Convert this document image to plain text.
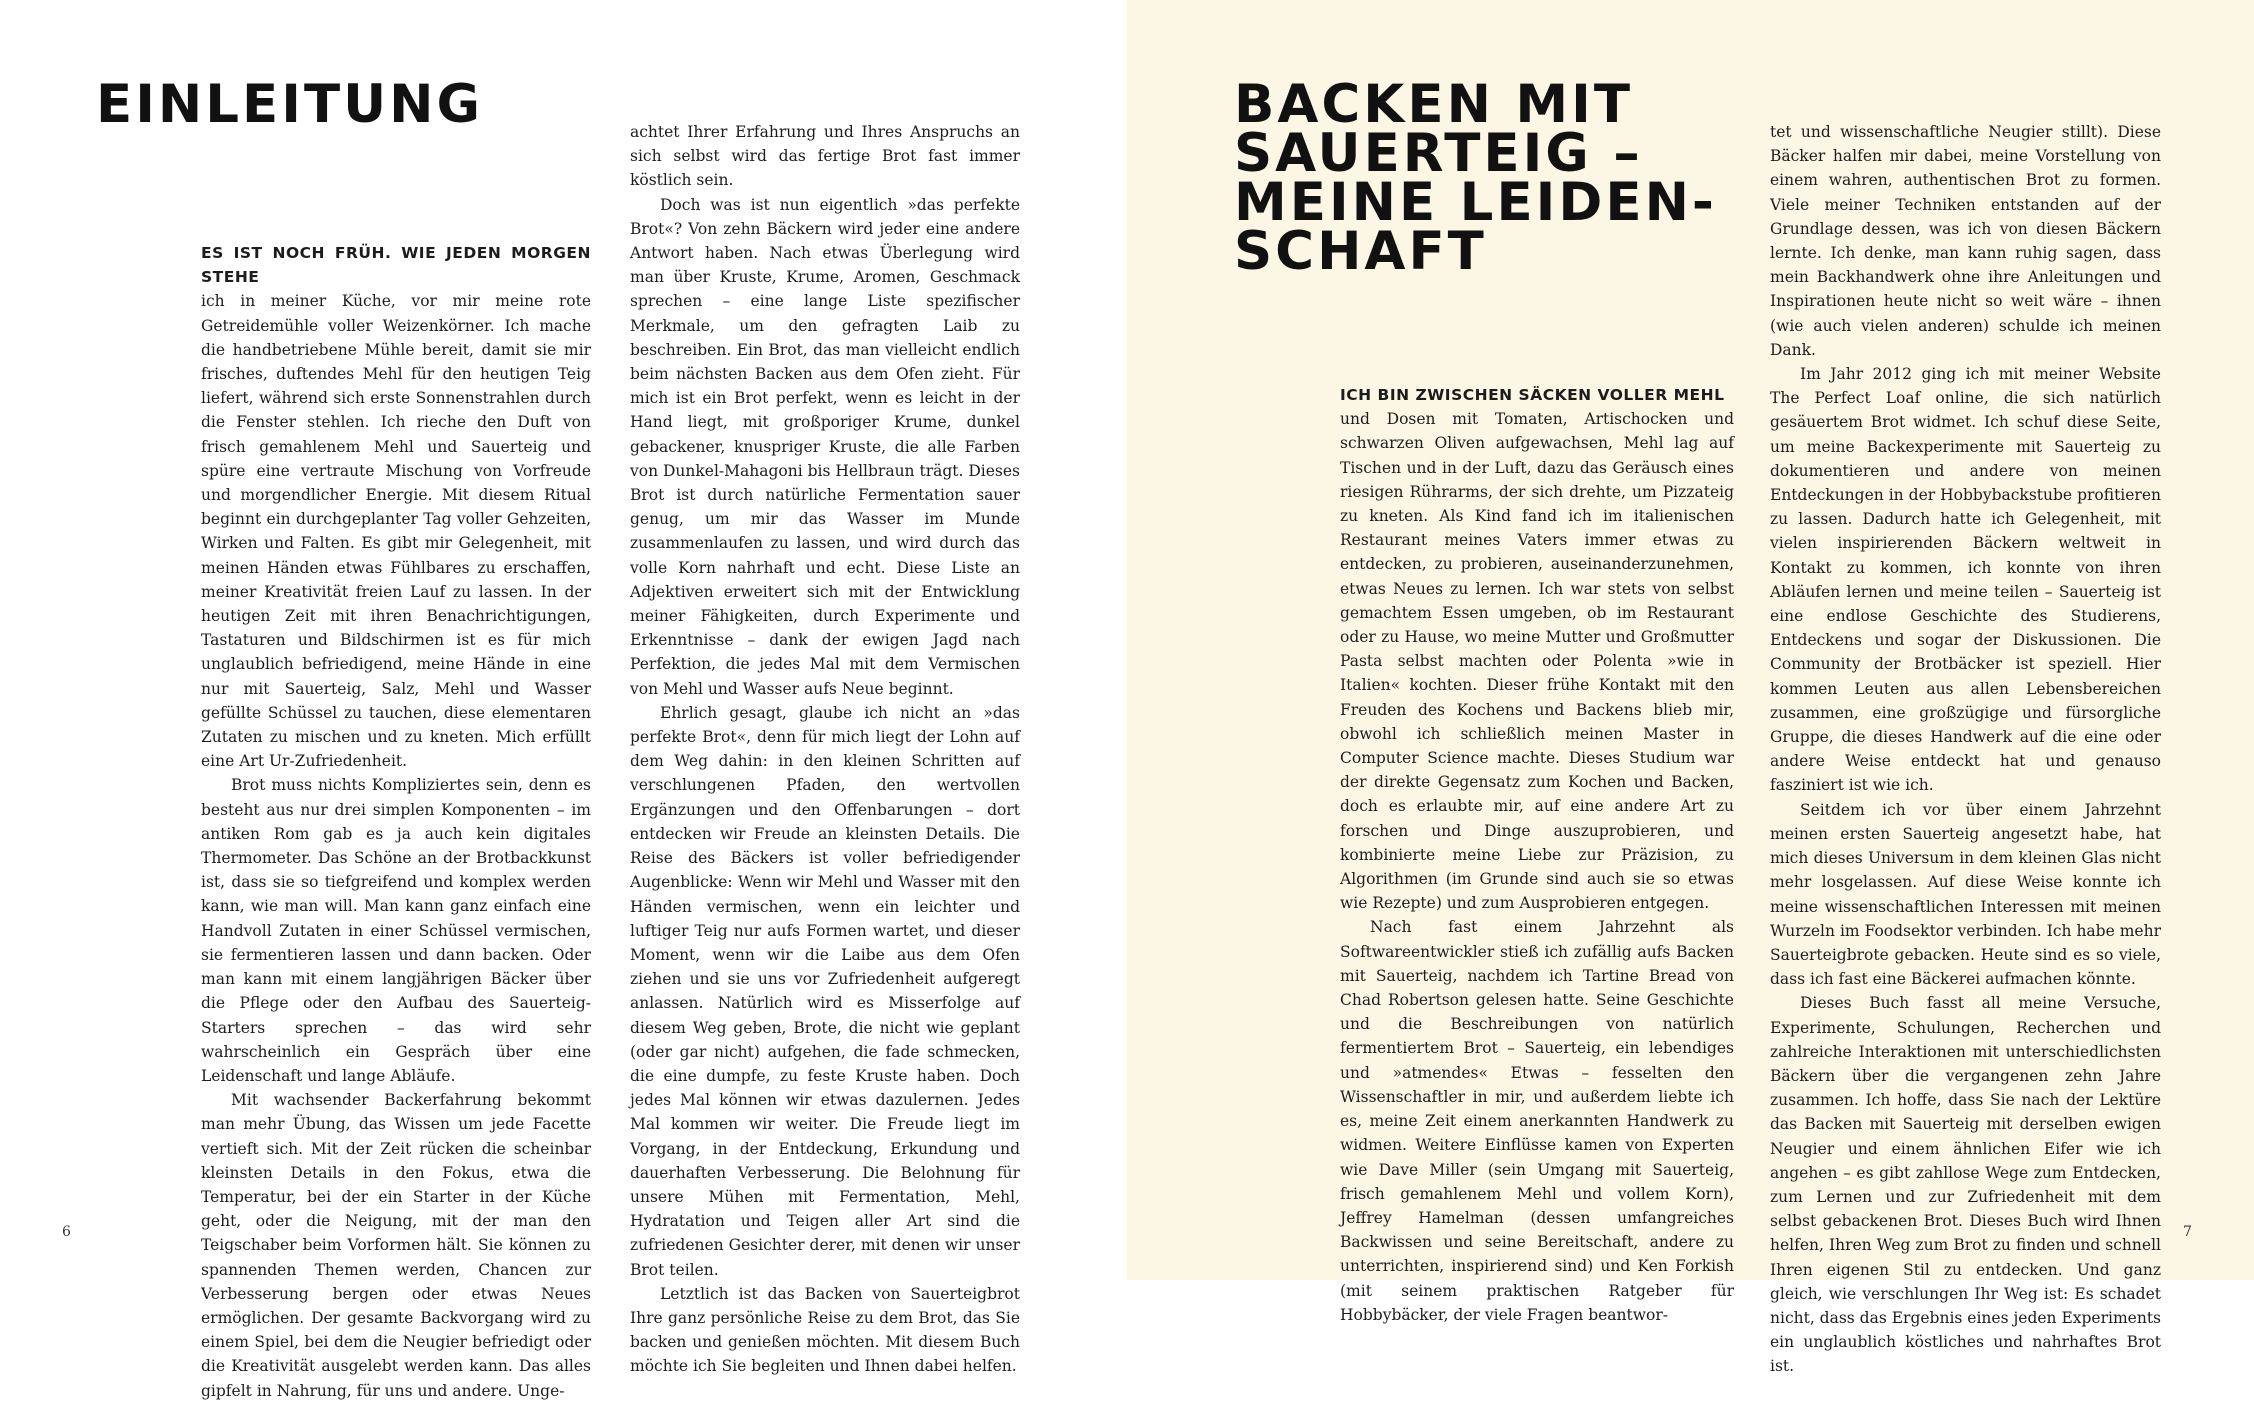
EINLEITUNG

ES IST NOCH FRÜH. WIE JEDEN MORGEN STEHE
ich in meiner Küche, vor mir meine rote Getreidemühle voller Weizenkörner. Ich mache die handbetriebene Mühle bereit, damit sie mir frisches, duftendes Mehl für den heutigen Teig liefert, während sich erste Sonnenstrahlen durch die Fenster stehlen. Ich rieche den Duft von frisch gemahlenem Mehl und Sauerteig und spüre eine vertraute Mischung von Vorfreude und morgendlicher Energie. Mit diesem Ritual beginnt ein durchgeplanter Tag voller Gehzeiten, Wirken und Falten. Es gibt mir Gelegenheit, mit meinen Händen etwas Fühlbares zu erschaffen, meiner Kreativität freien Lauf zu lassen. In der heutigen Zeit mit ihren Benachrichtigungen, Tastaturen und Bildschirmen ist es für mich unglaublich befriedigend, meine Hände in eine nur mit Sauerteig, Salz, Mehl und Wasser gefüllte Schüssel zu tauchen, diese elementaren Zutaten zu mischen und zu kneten. Mich erfüllt eine Art Ur-Zufriedenheit.

Brot muss nichts Kompliziertes sein, denn es besteht aus nur drei simplen Komponenten – im antiken Rom gab es ja auch kein digitales Thermometer. Das Schöne an der Brotbackkunst ist, dass sie so tiefgreifend und komplex werden kann, wie man will. Man kann ganz einfach eine Handvoll Zutaten in einer Schüssel vermischen, sie fermentieren lassen und dann backen. Oder man kann mit einem langjährigen Bäcker über die Pflege oder den Aufbau des Sauerteig-Starters sprechen – das wird sehr wahrscheinlich ein Gespräch über eine Leidenschaft und lange Abläufe.

Mit wachsender Backerfahrung bekommt man mehr Übung, das Wissen um jede Facette vertieft sich. Mit der Zeit rücken die scheinbar kleinsten Details in den Fokus, etwa die Temperatur, bei der ein Starter in der Küche geht, oder die Neigung, mit der man den Teigschaber beim Vorformen hält. Sie können zu spannenden Themen werden, Chancen zur Verbesserung bergen oder etwas Neues ermöglichen. Der gesamte Backvorgang wird zu einem Spiel, bei dem die Neugier befriedigt oder die Kreativität ausgelebt werden kann. Das alles gipfelt in Nahrung, für uns und andere. Unge-

achtet Ihrer Erfahrung und Ihres Anspruchs an sich selbst wird das fertige Brot fast immer köstlich sein.

Doch was ist nun eigentlich »das perfekte Brot«? Von zehn Bäckern wird jeder eine andere Antwort haben. Nach etwas Überlegung wird man über Kruste, Krume, Aromen, Geschmack sprechen – eine lange Liste spezifischer Merkmale, um den gefragten Laib zu beschreiben. Ein Brot, das man vielleicht endlich beim nächsten Backen aus dem Ofen zieht. Für mich ist ein Brot perfekt, wenn es leicht in der Hand liegt, mit großporiger Krume, dunkel gebackener, knuspriger Kruste, die alle Farben von Dunkel-Mahagoni bis Hellbraun trägt. Dieses Brot ist durch natürliche Fermentation sauer genug, um mir das Wasser im Munde zusammenlaufen zu lassen, und wird durch das volle Korn nahrhaft und echt. Diese Liste an Adjektiven erweitert sich mit der Entwicklung meiner Fähigkeiten, durch Experimente und Erkenntnisse – dank der ewigen Jagd nach Perfektion, die jedes Mal mit dem Vermischen von Mehl und Wasser aufs Neue beginnt.

Ehrlich gesagt, glaube ich nicht an »das perfekte Brot«, denn für mich liegt der Lohn auf dem Weg dahin: in den kleinen Schritten auf verschlungenen Pfaden, den wertvollen Ergänzungen und den Offenbarungen – dort entdecken wir Freude an kleinsten Details. Die Reise des Bäckers ist voller befriedigender Augenblicke: Wenn wir Mehl und Wasser mit den Händen vermischen, wenn ein leichter und luftiger Teig nur aufs Formen wartet, und dieser Moment, wenn wir die Laibe aus dem Ofen ziehen und sie uns vor Zufriedenheit aufgeregt anlassen. Natürlich wird es Misserfolge auf diesem Weg geben, Brote, die nicht wie geplant (oder gar nicht) aufgehen, die fade schmecken, die eine dumpfe, zu feste Kruste haben. Doch jedes Mal können wir etwas dazulernen. Jedes Mal kommen wir weiter. Die Freude liegt im Vorgang, in der Entdeckung, Erkundung und dauerhaften Verbesserung. Die Belohnung für unsere Mühen mit Fermentation, Mehl, Hydratation und Teigen aller Art sind die zufriedenen Gesichter derer, mit denen wir unser Brot teilen.

Letztlich ist das Backen von Sauerteigbrot Ihre ganz persönliche Reise zu dem Brot, das Sie backen und genießen möchten. Mit diesem Buch möchte ich Sie begleiten und Ihnen dabei helfen.

6
BACKEN MIT SAUERTEIG – MEINE LEIDEN-SCHAFT

ICH BIN ZWISCHEN SÄCKEN VOLLER MEHL
und Dosen mit Tomaten, Artischocken und schwarzen Oliven aufgewachsen, Mehl lag auf Tischen und in der Luft, dazu das Geräusch eines riesigen Rührarms, der sich drehte, um Pizzateig zu kneten. Als Kind fand ich im italienischen Restaurant meines Vaters immer etwas zu entdecken, zu probieren, auseinanderzunehmen, etwas Neues zu lernen. Ich war stets von selbst gemachtem Essen umgeben, ob im Restaurant oder zu Hause, wo meine Mutter und Großmutter Pasta selbst machten oder Polenta »wie in Italien« kochten. Dieser frühe Kontakt mit den Freuden des Kochens und Backens blieb mir, obwohl ich schließlich meinen Master in Computer Science machte. Dieses Studium war der direkte Gegensatz zum Kochen und Backen, doch es erlaubte mir, auf eine andere Art zu forschen und Dinge auszuprobieren, und kombinierte meine Liebe zur Präzision, zu Algorithmen (im Grunde sind auch sie so etwas wie Rezepte) und zum Ausprobieren entgegen.

Nach fast einem Jahrzehnt als Softwareentwickler stieß ich zufällig aufs Backen mit Sauerteig, nachdem ich Tartine Bread von Chad Robertson gelesen hatte. Seine Geschichte und die Beschreibungen von natürlich fermentiertem Brot – Sauerteig, ein lebendiges und »atmendes« Etwas – fesselten den Wissenschaftler in mir, und außerdem liebte ich es, meine Zeit einem anerkannten Handwerk zu widmen. Weitere Einflüsse kamen von Experten wie Dave Miller (sein Umgang mit Sauerteig, frisch gemahlenem Mehl und vollem Korn), Jeffrey Hamelman (dessen umfangreiches Backwissen und seine Bereitschaft, andere zu unterrichten, inspirierend sind) und Ken Forkish (mit seinem praktischen Ratgeber für Hobbybäcker, der viele Fragen beantwor-

tet und wissenschaftliche Neugier stillt). Diese Bäcker halfen mir dabei, meine Vorstellung von einem wahren, authentischen Brot zu formen. Viele meiner Techniken entstanden auf der Grundlage dessen, was ich von diesen Bäckern lernte. Ich denke, man kann ruhig sagen, dass mein Backhandwerk ohne ihre Anleitungen und Inspirationen heute nicht so weit wäre – ihnen (wie auch vielen anderen) schulde ich meinen Dank.

Im Jahr 2012 ging ich mit meiner Website The Perfect Loaf online, die sich natürlich gesäuertem Brot widmet. Ich schuf diese Seite, um meine Backexperimente mit Sauerteig zu dokumentieren und andere von meinen Entdeckungen in der Hobbybackstube profitieren zu lassen. Dadurch hatte ich Gelegenheit, mit vielen inspirierenden Bäckern weltweit in Kontakt zu kommen, ich konnte von ihren Abläufen lernen und meine teilen – Sauerteig ist eine endlose Geschichte des Studierens, Entdeckens und sogar der Diskussionen. Die Community der Brotbäcker ist speziell. Hier kommen Leuten aus allen Lebensbereichen zusammen, eine großzügige und fürsorgliche Gruppe, die dieses Handwerk auf die eine oder andere Weise entdeckt hat und genauso fasziniert ist wie ich.

Seitdem ich vor über einem Jahrzehnt meinen ersten Sauerteig angesetzt habe, hat mich dieses Universum in dem kleinen Glas nicht mehr losgelassen. Auf diese Weise konnte ich meine wissenschaftlichen Interessen mit meinen Wurzeln im Foodsektor verbinden. Ich habe mehr Sauerteigbrote gebacken. Heute sind es so viele, dass ich fast eine Bäckerei aufmachen könnte.

Dieses Buch fasst all meine Versuche, Experimente, Schulungen, Recherchen und zahlreiche Interaktionen mit unterschiedlichsten Bäckern über die vergangenen zehn Jahre zusammen. Ich hoffe, dass Sie nach der Lektüre das Backen mit Sauerteig mit derselben ewigen Neugier und einem ähnlichen Eifer wie ich angehen – es gibt zahllose Wege zum Entdecken, zum Lernen und zur Zufriedenheit mit dem selbst gebackenen Brot. Dieses Buch wird Ihnen helfen, Ihren Weg zum Brot zu finden und schnell Ihren eigenen Stil zu entdecken. Und ganz gleich, wie verschlungen Ihr Weg ist: Es schadet nicht, dass das Ergebnis eines jeden Experiments ein unglaublich köstliches und nahrhaftes Brot ist.

7
